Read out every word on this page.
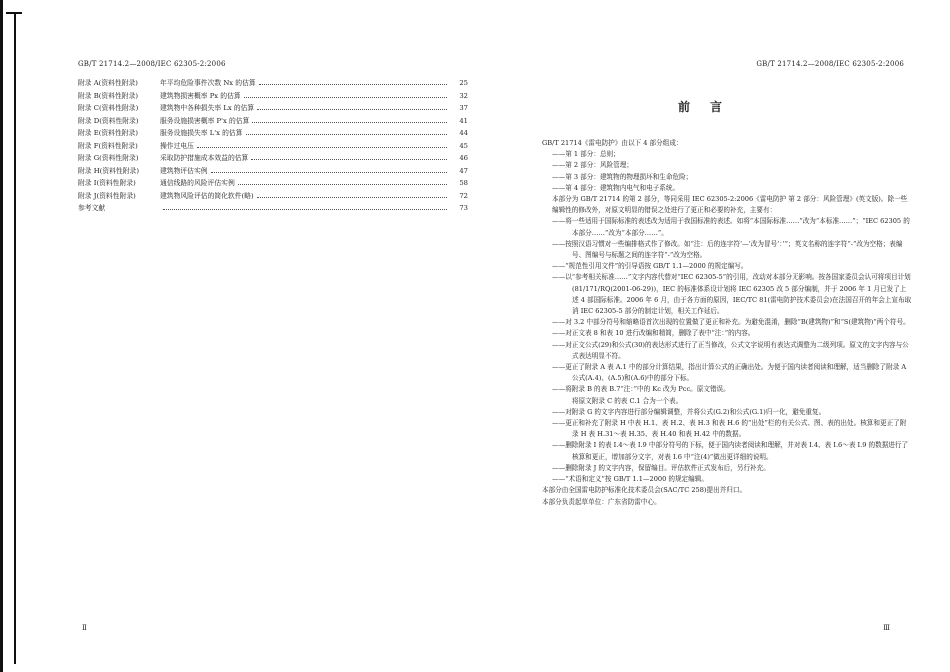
GB/T 21714.2—2008/IEC 62305-2:2006
附录 A(资料性附录)	年平均危险事件次数 Nx 的估算	25
附录 B(资料性附录)	建筑物损害概率 Px 的估算	32
附录 C(资料性附录)	建筑物中各种损失率 Lx 的估算	37
附录 D(资料性附录)	服务设施损害概率 P'x 的估算	41
附录 E(资料性附录)	服务设施损失率 L'x 的估算	44
附录 F(资料性附录)	操作过电压	45
附录 G(资料性附录)	采取防护措施成本效益的估算	46
附录 H(资料性附录)	建筑物评估实例	47
附录 I(资料性附录)	通信线路的风险评估实例	58
附录 J(资料性附录)	建筑物风险评估的简化软件(略)	72
参考文献	73
Ⅱ
GB/T 21714.2—2008/IEC 62305-2:2006
前言

GB/T 21714《雷电防护》由以下 4 部分组成：

——第 1 部分：总则；

——第 2 部分：风险管理；

——第 3 部分：建筑物的物理损坏和生命危险；

——第 4 部分：建筑物内电气和电子系统。

本部分为 GB/T 21714 的第 2 部分，等同采用 IEC 62305-2:2006《雷电防护 第 2 部分：风险管理》(英文版)。除一些编辑性的修改外，对原文明显的错误之处进行了更正和必要的补充，主要有：

——将一些适用于国际标准的表述改为适用于我国标准的表述。如将“本国际标准……”改为“本标准……”；“IEC 62305 的本部分……”改为“本部分……”。

——按照汉语习惯对一些编排格式作了修改。如“注：后的连字符‘—’改为冒号‘：’”；英文名称的连字符“-”改为空格；表编号、图编号与标题之间的连字符“-”改为空格。

——“规范性引用文件”的引导语按 GB/T 1.1—2000 的规定编写。

——以“参考相关标准……”文字内容代替对“IEC 62305-5”的引用，改动对本部分无影响。按各国家委员会认可将项目计划(81/171/RQ(2001-06-29))，IEC 的标准体系设计划将 IEC 62305 改 5 部分编制，并于 2006 年 1 月已发了上述 4 部国际标准。2006 年 6 月，由于各方面的原因，IEC/TC 81(雷电防护技术委员会)在法国召开的年会上宣布取消 IEC 62305-5 部分的制定计划，相关工作延后。

——对 3.2 中部分符号和缩略语首次出现的位置做了更正和补充。为避免混淆，删除“B(建筑物)”和“S(建筑物)”两个符号。

——对正文表 8 和表 10 进行改编和精简，删除了表中“注：”的内容。

——对正文公式(29)和公式(30)的表达形式进行了正当修改，公式文字说明有表达式调整为二级列项。原文的文字内容与公式表达明显不符。

——更正了附录 A 表 A.1 中的部分计算结果，指出计算公式的正确出处。为便于国内读者阅读和理解，适当删除了附录 A 公式(A.4)、(A.5)和(A.6)中的部分下标。

——将附录 B 的表 B.7“注：”中的 Kc 改为 Pcc。原文错误。

将原文附录 C 的表 C.1 合为一个表。

——对附录 G 的文字内容进行部分编辑调整，并将公式(G.2)和公式(G.1)归一化，避免重复。

——更正和补充了附录 H 中表 H.1、表 H.2、表 H.3 和表 H.6 的“出处”栏的有关公式、图、表的出处。核算和更正了附录 H 表 H.31～表 H.35、表 H.40 和表 H.42 中的数据。

——删除附录 I 的表 I.4～表 I.9 中部分符号的下标，便于国内读者阅读和理解，并对表 I.4、表 I.6～表 I.9 的数据进行了核算和更正，增加部分文字，对表 I.6 中“注(4)”做出更详细的说明。

——删除附录 J 的文字内容，保留编目。评估软件正式发布后，另行补充。

——“术语和定义”按 GB/T 1.1—2000 的规定编辑。

本部分由全国雷电防护标准化技术委员会(SAC/TC 258)提出并归口。

本部分负责起草单位：广东省防雷中心。

Ⅲ
